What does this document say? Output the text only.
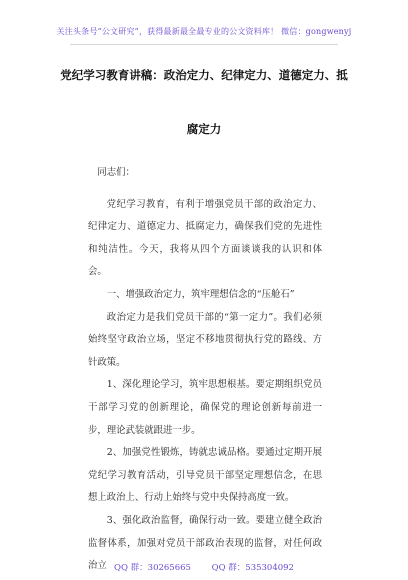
关注头条号“公文研究”，获得最新最全最专业的公文资料库！ 微信：gongwenyj
党纪学习教育讲稿：政治定力、纪律定力、道德定力、抵
腐定力

同志们：

党纪学习教育，有利于增强党员干部的政治定力、纪律定力、道德定力、抵腐定力，确保我们党的先进性和纯洁性。今天，我将从四个方面谈谈我的认识和体会。

一、增强政治定力，筑牢理想信念的“压舱石”

政治定力是我们党员干部的“第一定力”。我们必须始终坚守政治立场，坚定不移地贯彻执行党的路线、方针政策。

1、深化理论学习，筑牢思想根基。要定期组织党员干部学习党的创新理论，确保党的理论创新每前进一步，理论武装就跟进一步。

2、加强党性锻炼，铸就忠诚品格。要通过定期开展党纪学习教育活动，引导党员干部坚定理想信念，在思想上政治上、行动上始终与党中央保持高度一致。

3、强化政治监督，确保行动一致。要建立健全政治监督体系，加强对党员干部政治表现的监督，对任何政治立 QQ 群：30265665 QQ 群：535304092
